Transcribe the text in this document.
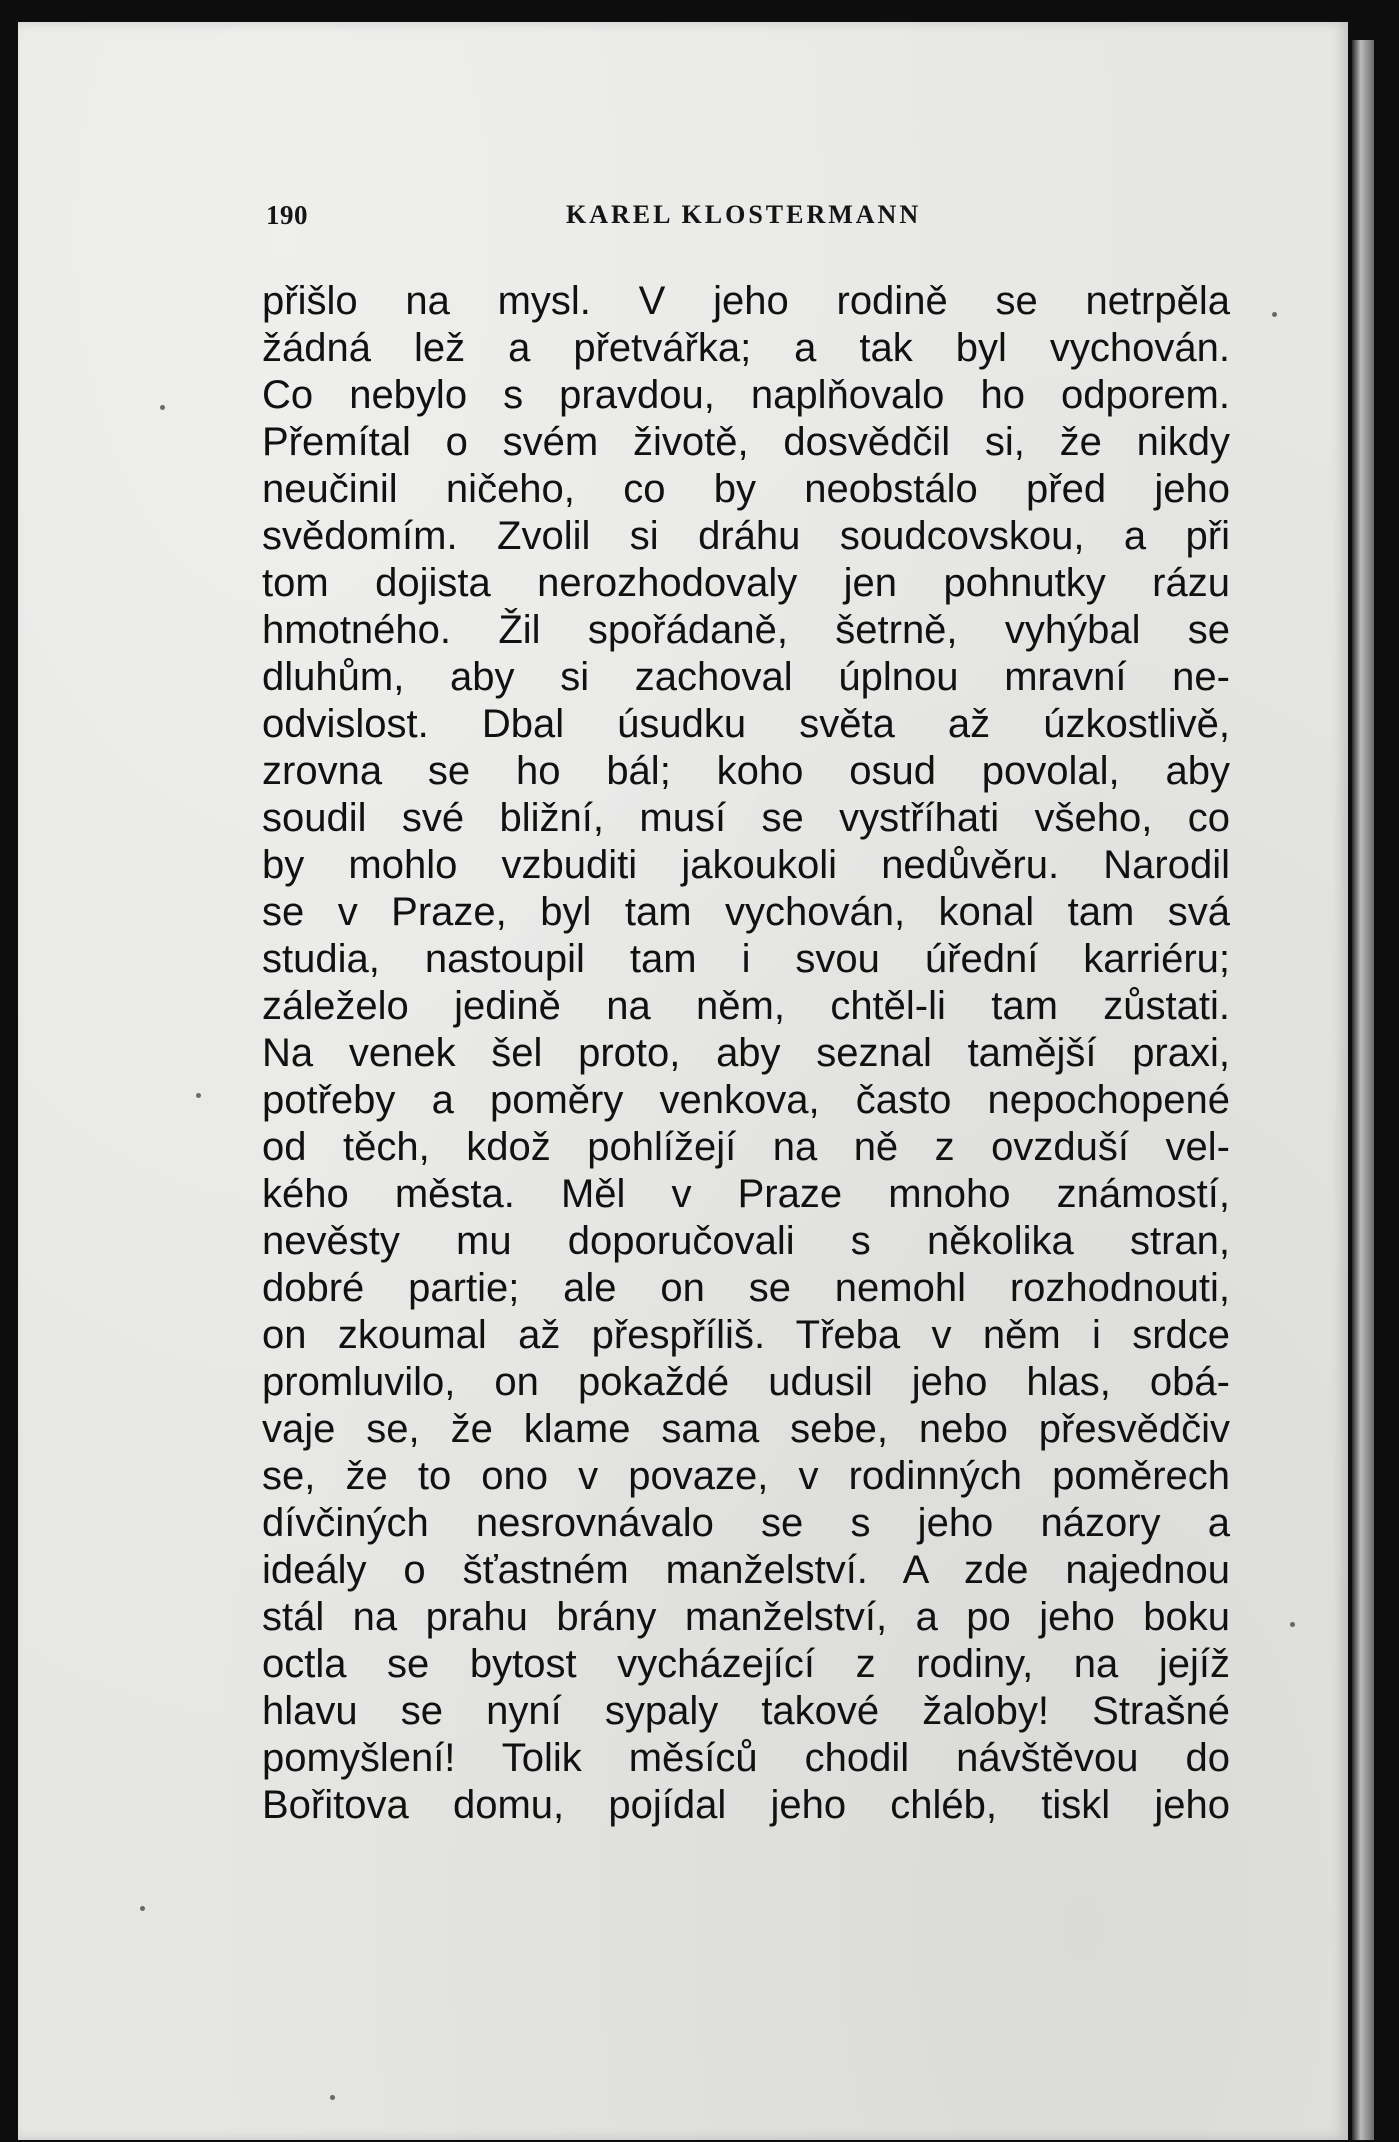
190	KAREL KLOSTERMANN
přišlo na mysl. V jeho rodině se netrpěla
žádná lež a přetvářka; a tak byl vychován.
Co nebylo s pravdou, naplňovalo ho odporem.
Přemítal o svém životě, dosvědčil si, že nikdy
neučinil ničeho, co by neobstálo před jeho
svědomím. Zvolil si dráhu soudcovskou, a při
tom dojista nerozhodovaly jen pohnutky rázu
hmotného. Žil spořádaně, šetrně, vyhýbal se
dluhům, aby si zachoval úplnou mravní ne-
odvislost. Dbal úsudku světa až úzkostlivě,
zrovna se ho bál; koho osud povolal, aby
soudil své bližní, musí se vystříhati všeho, co
by mohlo vzbuditi jakoukoli nedůvěru. Narodil
se v Praze, byl tam vychován, konal tam svá
studia, nastoupil tam i svou úřední karriéru;
záleželo jedině na něm, chtěl-li tam zůstati.
Na venek šel proto, aby seznal tamější praxi,
potřeby a poměry venkova, často nepochopené
od těch, kdož pohlížejí na ně z ovzduší vel-
kého města. Měl v Praze mnoho známostí,
nevěsty mu doporučovali s několika stran,
dobré partie; ale on se nemohl rozhodnouti,
on zkoumal až přespříliš. Třeba v něm i srdce
promluvilo, on pokaždé udusil jeho hlas, obá-
vaje se, že klame sama sebe, nebo přesvědčiv
se, že to ono v povaze, v rodinných poměrech
dívčiných nesrovnávalo se s jeho názory a
ideály o šťastném manželství. A zde najednou
stál na prahu brány manželství, a po jeho boku
octla se bytost vycházející z rodiny, na jejíž
hlavu se nyní sypaly takové žaloby! Strašné
pomyšlení! Tolik měsíců chodil návštěvou do
Bořitova domu, pojídal jeho chléb, tiskl jeho
